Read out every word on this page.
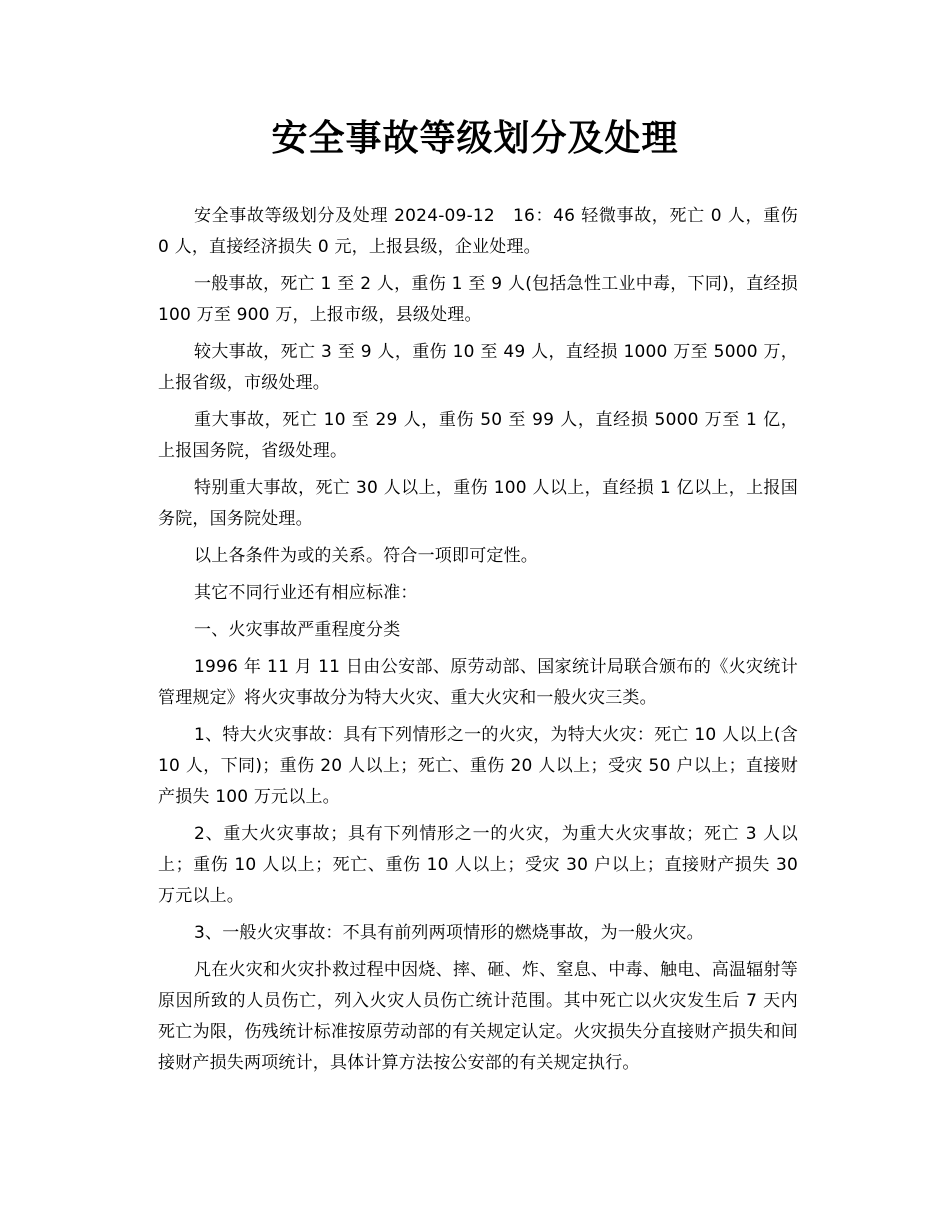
安全事故等级划分及处理

安全事故等级划分及处理 2024-09-12　16：46 轻微事故，死亡 0 人，重伤 0 人，直接经济损失 0 元，上报县级，企业处理。

一般事故，死亡 1 至 2 人，重伤 1 至 9 人(包括急性工业中毒，下同)，直经损 100 万至 900 万，上报市级，县级处理。

较大事故，死亡 3 至 9 人，重伤 10 至 49 人，直经损 1000 万至 5000 万，上报省级，市级处理。

重大事故，死亡 10 至 29 人，重伤 50 至 99 人，直经损 5000 万至 1 亿，上报国务院，省级处理。

特别重大事故，死亡 30 人以上，重伤 100 人以上，直经损 1 亿以上，上报国务院，国务院处理。

以上各条件为或的关系。符合一项即可定性。

其它不同行业还有相应标准：

一、火灾事故严重程度分类

1996 年 11 月 11 日由公安部、原劳动部、国家统计局联合颁布的《火灾统计管理规定》将火灾事故分为特大火灾、重大火灾和一般火灾三类。

1、特大火灾事故：具有下列情形之一的火灾，为特大火灾：死亡 10 人以上(含 10 人，下同)；重伤 20 人以上；死亡、重伤 20 人以上；受灾 50 户以上；直接财产损失 100 万元以上。

2、重大火灾事故；具有下列情形之一的火灾，为重大火灾事故；死亡 3 人以上；重伤 10 人以上；死亡、重伤 10 人以上；受灾 30 户以上；直接财产损失 30 万元以上。

3、一般火灾事故：不具有前列两项情形的燃烧事故，为一般火灾。

凡在火灾和火灾扑救过程中因烧、摔、砸、炸、窒息、中毒、触电、高温辐射等原因所致的人员伤亡，列入火灾人员伤亡统计范围。其中死亡以火灾发生后 7 天内死亡为限，伤残统计标准按原劳动部的有关规定认定。火灾损失分直接财产损失和间接财产损失两项统计，具体计算方法按公安部的有关规定执行。
